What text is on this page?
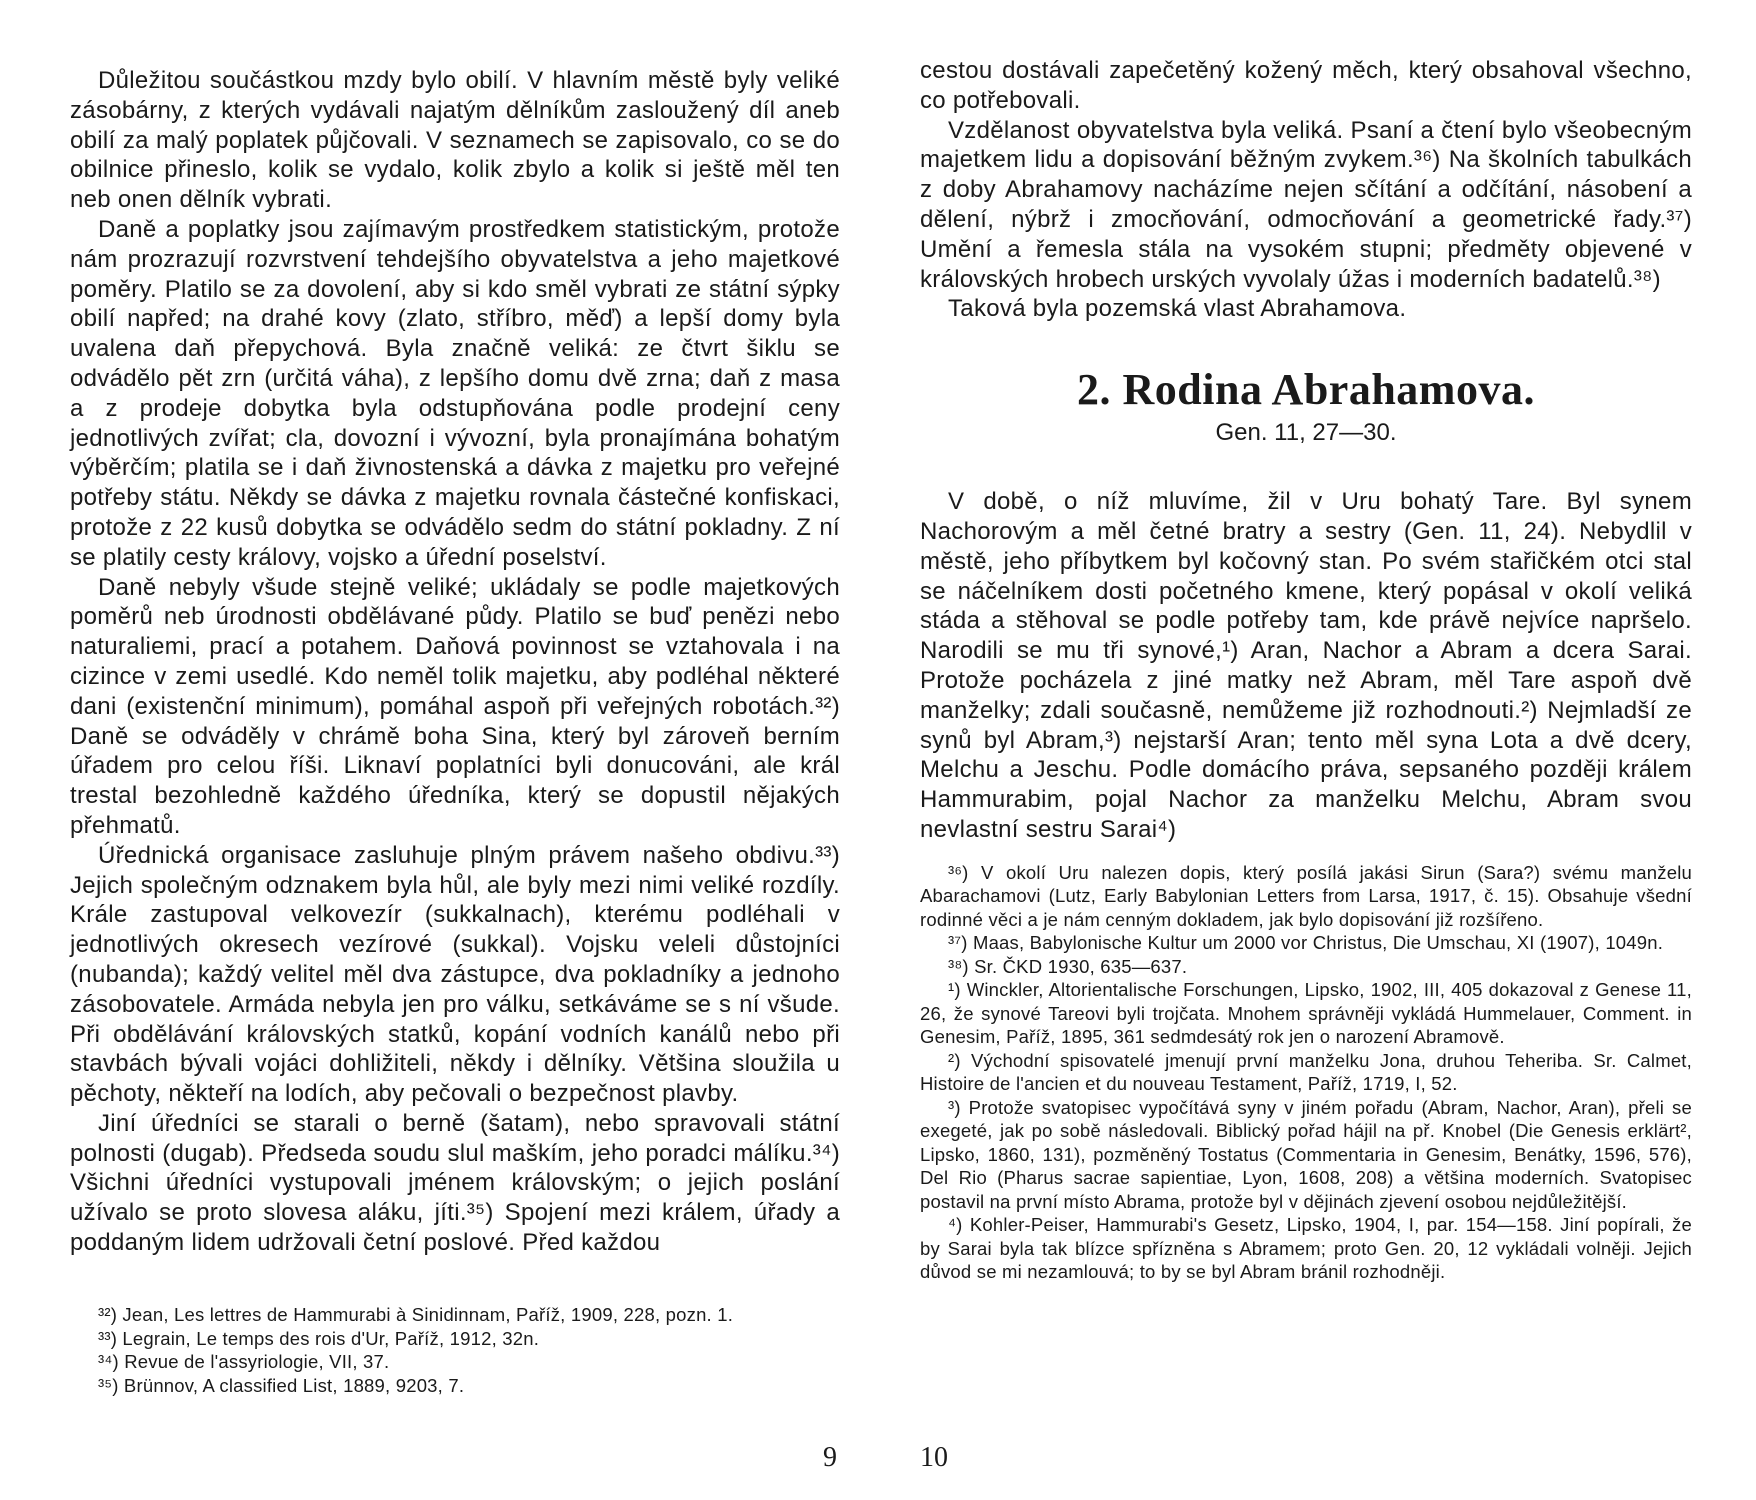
Důležitou součástkou mzdy bylo obilí. V hlavním městě byly veliké zásobárny, z kterých vydávali najatým dělníkům zasloužený díl aneb obilí za malý poplatek půjčovali. V seznamech se zapisovalo, co se do obilnice přineslo, kolik se vydalo, kolik zbylo a kolik si ještě měl ten neb onen dělník vybrati.

Daně a poplatky jsou zajímavým prostředkem statistickým, protože nám prozrazují rozvrstvení tehdejšího obyvatelstva a jeho majetkové poměry. Platilo se za dovolení, aby si kdo směl vybrati ze státní sýpky obilí napřed; na drahé kovy (zlato, stříbro, měď) a lepší domy byla uvalena daň přepychová. Byla značně veliká: ze čtvrt šiklu se odvádělo pět zrn (určitá váha), z lepšího domu dvě zrna; daň z masa a z prodeje dobytka byla odstupňována podle prodejní ceny jednotlivých zvířat; cla, dovozní i vývozní, byla pronajímána bohatým výběrčím; platila se i daň živnostenská a dávka z majetku pro veřejné potřeby státu. Někdy se dávka z majetku rovnala částečné konfiskaci, protože z 22 kusů dobytka se odvádělo sedm do státní pokladny. Z ní se platily cesty královy, vojsko a úřední poselství.

Daně nebyly všude stejně veliké; ukládaly se podle majetkových poměrů neb úrodnosti obdělávané půdy. Platilo se buď penězi nebo naturaliemi, prací a potahem. Daňová povinnost se vztahovala i na cizince v zemi usedlé. Kdo neměl tolik majetku, aby podléhal některé dani (existenční minimum), pomáhal aspoň při veřejných robotách.³²) Daně se odváděly v chrámě boha Sina, který byl zároveň berním úřadem pro celou říši. Liknaví poplatníci byli donucováni, ale král trestal bezohledně každého úředníka, který se dopustil nějakých přehmatů.

Úřednická organisace zasluhuje plným právem našeho obdivu.³³) Jejich společným odznakem byla hůl, ale byly mezi nimi veliké rozdíly. Krále zastupoval velkovezír (sukkalnach), kterému podléhali v jednotlivých okresech vezírové (sukkal). Vojsku veleli důstojníci (nubanda); každý velitel měl dva zástupce, dva pokladníky a jednoho zásobovatele. Armáda nebyla jen pro válku, setkáváme se s ní všude. Při obdělávání královských statků, kopání vodních kanálů nebo při stavbách bývali vojáci dohližiteli, někdy i dělníky. Většina sloužila u pěchoty, někteří na lodích, aby pečovali o bezpečnost plavby.

Jiní úředníci se starali o berně (šatam), nebo spravovali státní polnosti (dugab). Předseda soudu slul maškím, jeho poradci málíku.³⁴) Všichni úředníci vystupovali jménem královským; o jejich poslání užívalo se proto slovesa aláku, jíti.³⁵) Spojení mezi králem, úřady a poddaným lidem udržovali četní poslové. Před každou

³²) Jean, Les lettres de Hammurabi à Sinidinnam, Paříž, 1909, 228, pozn. 1.

³³) Legrain, Le temps des rois d'Ur, Paříž, 1912, 32n.

³⁴) Revue de l'assyriologie, VII, 37.

³⁵) Brünnov, A classified List, 1889, 9203, 7.

9

cestou dostávali zapečetěný kožený měch, který obsahoval všechno, co potřebovali.

Vzdělanost obyvatelstva byla veliká. Psaní a čtení bylo všeobecným majetkem lidu a dopisování běžným zvykem.³⁶) Na školních tabulkách z doby Abrahamovy nacházíme nejen sčítání a odčítání, násobení a dělení, nýbrž i zmocňování, odmocňování a geometrické řady.³⁷) Umění a řemesla stála na vysokém stupni; předměty objevené v královských hrobech urských vyvolaly úžas i moderních badatelů.³⁸)

Taková byla pozemská vlast Abrahamova.

2. Rodina Abrahamova.
Gen. 11, 27—30.

V době, o níž mluvíme, žil v Uru bohatý Tare. Byl synem Nachorovým a měl četné bratry a sestry (Gen. 11, 24). Nebydlil v městě, jeho příbytkem byl kočovný stan. Po svém stařičkém otci stal se náčelníkem dosti početného kmene, který popásal v okolí veliká stáda a stěhoval se podle potřeby tam, kde právě nejvíce napršelo. Narodili se mu tři synové,¹) Aran, Nachor a Abram a dcera Sarai. Protože pocházela z jiné matky než Abram, měl Tare aspoň dvě manželky; zdali současně, nemůžeme již rozhodnouti.²) Nejmladší ze synů byl Abram,³) nejstarší Aran; tento měl syna Lota a dvě dcery, Melchu a Jeschu. Podle domácího práva, sepsaného později králem Hammurabim, pojal Nachor za manželku Melchu, Abram svou nevlastní sestru Sarai⁴)

³⁶) V okolí Uru nalezen dopis, který posílá jakási Sirun (Sara?) svému manželu Abarachamovi (Lutz, Early Babylonian Letters from Larsa, 1917, č. 15). Obsahuje všední rodinné věci a je nám cenným dokladem, jak bylo dopisování již rozšířeno.

³⁷) Maas, Babylonische Kultur um 2000 vor Christus, Die Umschau, XI (1907), 1049n.

³⁸) Sr. ČKD 1930, 635—637.

¹) Winckler, Altorientalische Forschungen, Lipsko, 1902, III, 405 dokazoval z Genese 11, 26, že synové Tareovi byli trojčata. Mnohem správněji vykládá Hummelauer, Comment. in Genesim, Paříž, 1895, 361 sedmdesátý rok jen o narození Abramově.

²) Východní spisovatelé jmenují první manželku Jona, druhou Teheriba. Sr. Calmet, Histoire de l'ancien et du nouveau Testament, Paříž, 1719, I, 52.

³) Protože svatopisec vypočítává syny v jiném pořadu (Abram, Nachor, Aran), přeli se exegeté, jak po sobě následovali. Biblický pořad hájil na př. Knobel (Die Genesis erklärt², Lipsko, 1860, 131), pozměněný Tostatus (Commentaria in Genesim, Benátky, 1596, 576), Del Rio (Pharus sacrae sapientiae, Lyon, 1608, 208) a většina moderních. Svatopisec postavil na první místo Abrama, protože byl v dějinách zjevení osobou nejdůležitější.

⁴) Kohler-Peiser, Hammurabi's Gesetz, Lipsko, 1904, I, par. 154—158. Jiní popírali, že by Sarai byla tak blízce spřízněna s Abramem; proto Gen. 20, 12 vykládali volněji. Jejich důvod se mi nezamlouvá; to by se byl Abram bránil rozhodněji.

10
